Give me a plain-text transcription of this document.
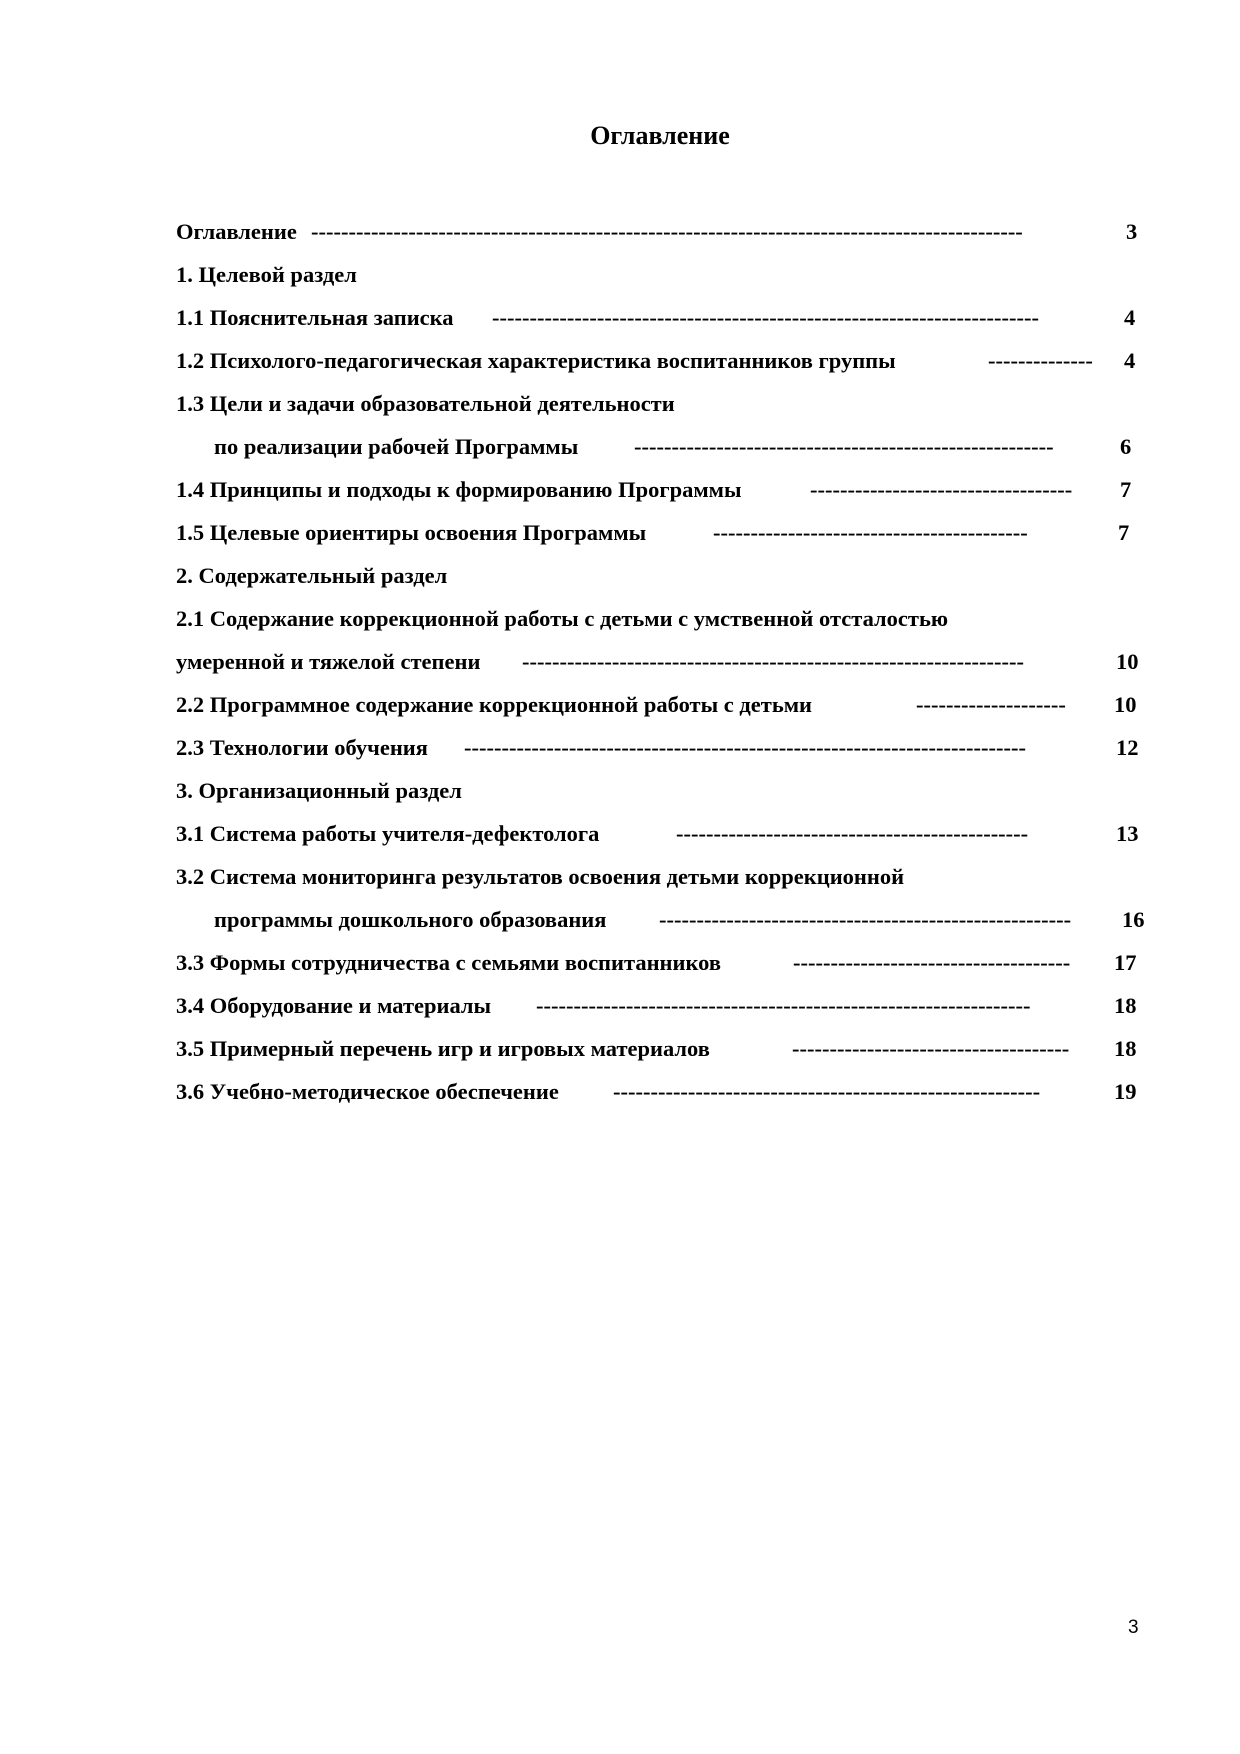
Оглавление
Оглавление -----------------------------------------------------------------------------------------------	3
1. Целевой раздел
1.1 Пояснительная записка -------------------------------------------------------------------------	4
1.2 Психолого-педагогическая характеристика воспитанников группы	--------------	4
1.3 Цели и задачи образовательной деятельности
по реализации рабочей Программы --------------------------------------------------------	6
1.4 Принципы и подходы к формированию Программы	-----------------------------------	7
1.5 Целевые ориентиры освоения Программы	------------------------------------------	7
2. Содержательный раздел
2.1 Содержание коррекционной работы с детьми с умственной отсталостью
умеренной и тяжелой степени -------------------------------------------------------------------	10
2.2 Программное содержание коррекционной работы с детьми	--------------------	10
2.3 Технологии обучения ---------------------------------------------------------------------------	12
3. Организационный раздел
3.1 Система работы учителя-дефектолога	-----------------------------------------------	13
3.2 Система мониторинга результатов освоения детьми коррекционной
программы дошкольного образования -------------------------------------------------------	16
3.3 Формы сотрудничества с семьями воспитанников	-------------------------------------	17
3.4 Оборудование и материалы ------------------------------------------------------------------	18
3.5 Примерный перечень игр и игровых материалов	-------------------------------------	18
3.6 Учебно-методическое обеспечение ---------------------------------------------------------	19
3
